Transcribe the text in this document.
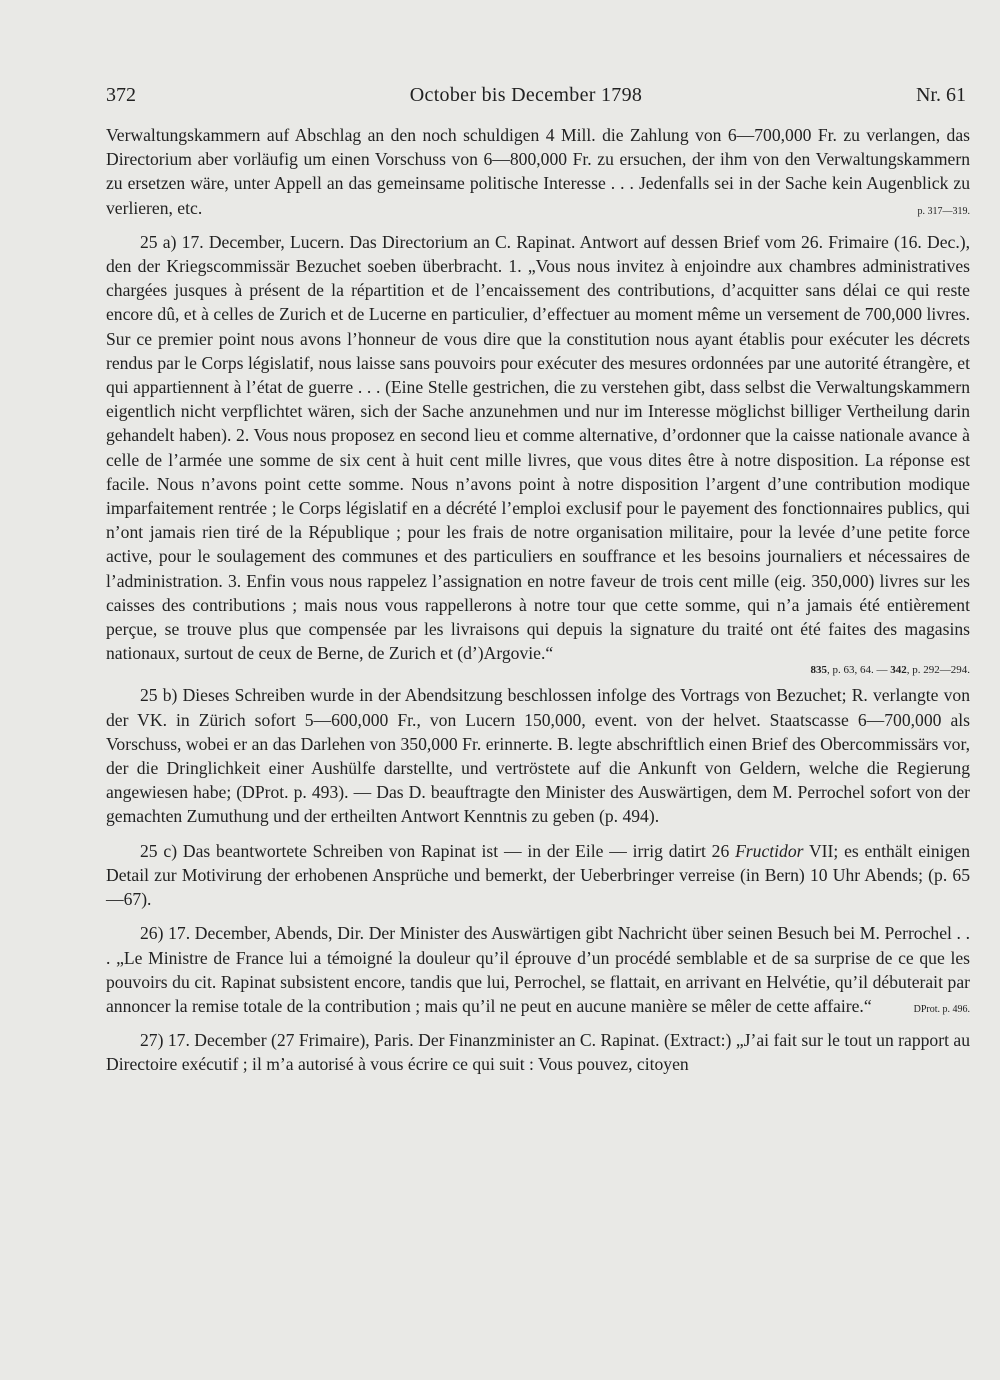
372	October bis December 1798	Nr. 61

Verwaltungskammern auf Abschlag an den noch schuldigen 4 Mill. die Zahlung von 6—700,000 Fr. zu verlangen, das Directorium aber vorläufig um einen Vorschuss von 6—800,000 Fr. zu ersuchen, der ihm von den Verwaltungskammern zu ersetzen wäre, unter Appell an das gemeinsame politische Interesse . . . Jedenfalls sei in der Sache kein Augenblick zu verlieren, etc.	p. 317—319.

25 a) 17. December, Lucern. Das Directorium an C. Rapinat. Antwort auf dessen Brief vom 26. Frimaire (16. Dec.), den der Kriegscommissär Bezuchet soeben überbracht. 1. „Vous nous invitez à enjoindre aux chambres administratives chargées jusques à présent de la répartition et de l’encaissement des contributions, d’acquitter sans délai ce qui reste encore dû, et à celles de Zurich et de Lucerne en particulier, d’effectuer au moment même un versement de 700,000 livres. Sur ce premier point nous avons l’honneur de vous dire que la constitution nous ayant établis pour exécuter les décrets rendus par le Corps législatif, nous laisse sans pouvoirs pour exécuter des mesures ordonnées par une autorité étrangère, et qui appartiennent à l’état de guerre . . . (Eine Stelle gestrichen, die zu verstehen gibt, dass selbst die Verwaltungskammern eigentlich nicht verpflichtet wären, sich der Sache anzunehmen und nur im Interesse möglichst billiger Vertheilung darin gehandelt haben). 2. Vous nous proposez en second lieu et comme alternative, d’ordonner que la caisse nationale avance à celle de l’armée une somme de six cent à huit cent mille livres, que vous dites être à notre disposition. La réponse est facile. Nous n’avons point cette somme. Nous n’avons point à notre disposition l’argent d’une contribution modique imparfaitement rentrée ; le Corps législatif en a décrété l’emploi exclusif pour le payement des fonctionnaires publics, qui n’ont jamais rien tiré de la République ; pour les frais de notre organisation militaire, pour la levée d’une petite force active, pour le soulagement des communes et des particuliers en souffrance et les besoins journaliers et nécessaires de l’administration. 3. Enfin vous nous rappelez l’assignation en notre faveur de trois cent mille (eig. 350,000) livres sur les caisses des contributions ; mais nous vous rappellerons à notre tour que cette somme, qui n’a jamais été entièrement perçue, se trouve plus que compensée par les livraisons qui depuis la signature du traité ont été faites des magasins nationaux, surtout de ceux de Berne, de Zurich et (d’)Argovie.“

835, p. 63, 64. — 342, p. 292—294.

25 b) Dieses Schreiben wurde in der Abendsitzung beschlossen infolge des Vortrags von Bezuchet; R. verlangte von der VK. in Zürich sofort 5—600,000 Fr., von Lucern 150,000, event. von der helvet. Staatscasse 6—700,000 als Vorschuss, wobei er an das Darlehen von 350,000 Fr. erinnerte. B. legte abschriftlich einen Brief des Obercommissärs vor, der die Dringlichkeit einer Aushülfe darstellte, und vertröstete auf die Ankunft von Geldern, welche die Regierung angewiesen habe; (DProt. p. 493). — Das D. beauftragte den Minister des Auswärtigen, dem M. Perrochel sofort von der gemachten Zumuthung und der ertheilten Antwort Kenntnis zu geben (p. 494).

25 c) Das beantwortete Schreiben von Rapinat ist — in der Eile — irrig datirt 26 Fructidor VII; es enthält einigen Detail zur Motivirung der erhobenen Ansprüche und bemerkt, der Ueberbringer verreise (in Bern) 10 Uhr Abends; (p. 65—67).

26) 17. December, Abends, Dir. Der Minister des Auswärtigen gibt Nachricht über seinen Besuch bei M. Perrochel . . . „Le Ministre de France lui a témoigné la douleur qu’il éprouve d’un procédé semblable et de sa surprise de ce que les pouvoirs du cit. Rapinat subsistent encore, tandis que lui, Perrochel, se flattait, en arrivant en Helvétie, qu’il débuterait par annoncer la remise totale de la contribution ; mais qu’il ne peut en aucune manière se mêler de cette affaire.“	DProt. p. 496.

27) 17. December (27 Frimaire), Paris. Der Finanzminister an C. Rapinat. (Extract:) „J’ai fait sur le tout un rapport au Directoire exécutif ; il m’a autorisé à vous écrire ce qui suit : Vous pouvez, citoyen
